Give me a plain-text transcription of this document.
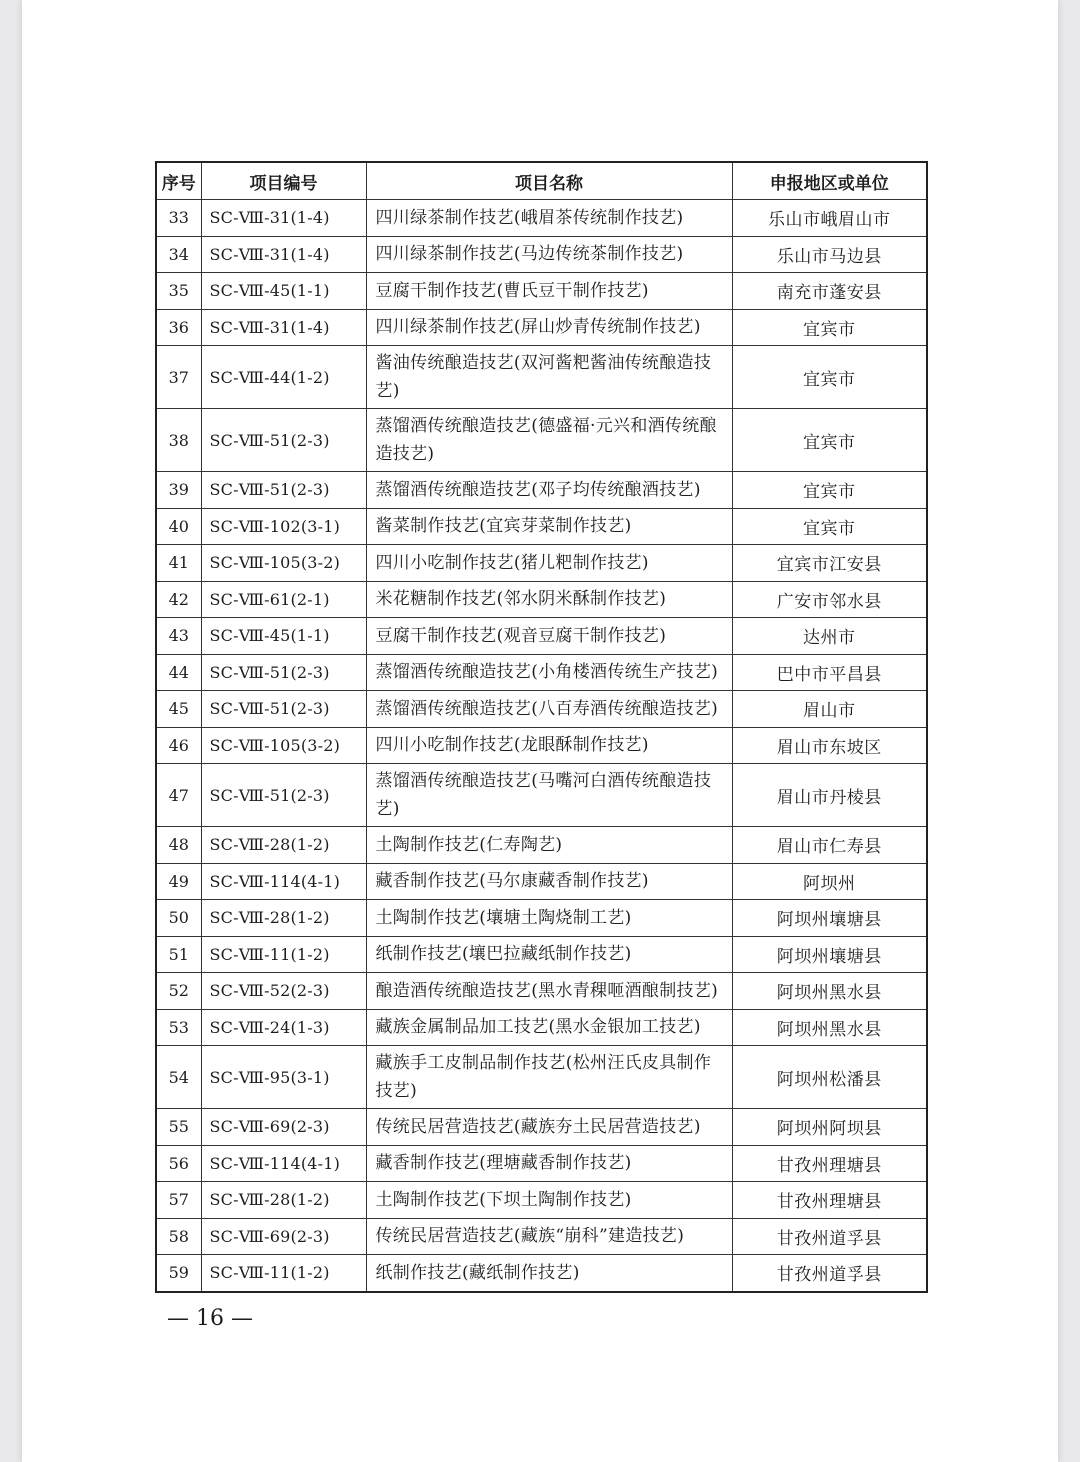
序号	项目编号	项目名称	申报地区或单位
33	SC-Ⅷ-31(1-4)	四川绿茶制作技艺(峨眉茶传统制作技艺)	乐山市峨眉山市
34	SC-Ⅷ-31(1-4)	四川绿茶制作技艺(马边传统茶制作技艺)	乐山市马边县
35	SC-Ⅷ-45(1-1)	豆腐干制作技艺(曹氏豆干制作技艺)	南充市蓬安县
36	SC-Ⅷ-31(1-4)	四川绿茶制作技艺(屏山炒青传统制作技艺)	宜宾市
37	SC-Ⅷ-44(1-2)	酱油传统酿造技艺(双河酱粑酱油传统酿造技艺)	宜宾市
38	SC-Ⅷ-51(2-3)	蒸馏酒传统酿造技艺(德盛福·元兴和酒传统酿造技艺)	宜宾市
39	SC-Ⅷ-51(2-3)	蒸馏酒传统酿造技艺(邓子均传统酿酒技艺)	宜宾市
40	SC-Ⅷ-102(3-1)	酱菜制作技艺(宜宾芽菜制作技艺)	宜宾市
41	SC-Ⅷ-105(3-2)	四川小吃制作技艺(猪儿粑制作技艺)	宜宾市江安县
42	SC-Ⅷ-61(2-1)	米花糖制作技艺(邻水阴米酥制作技艺)	广安市邻水县
43	SC-Ⅷ-45(1-1)	豆腐干制作技艺(观音豆腐干制作技艺)	达州市
44	SC-Ⅷ-51(2-3)	蒸馏酒传统酿造技艺(小角楼酒传统生产技艺)	巴中市平昌县
45	SC-Ⅷ-51(2-3)	蒸馏酒传统酿造技艺(八百寿酒传统酿造技艺)	眉山市
46	SC-Ⅷ-105(3-2)	四川小吃制作技艺(龙眼酥制作技艺)	眉山市东坡区
47	SC-Ⅷ-51(2-3)	蒸馏酒传统酿造技艺(马嘴河白酒传统酿造技艺)	眉山市丹棱县
48	SC-Ⅷ-28(1-2)	土陶制作技艺(仁寿陶艺)	眉山市仁寿县
49	SC-Ⅷ-114(4-1)	藏香制作技艺(马尔康藏香制作技艺)	阿坝州
50	SC-Ⅷ-28(1-2)	土陶制作技艺(壤塘土陶烧制工艺)	阿坝州壤塘县
51	SC-Ⅷ-11(1-2)	纸制作技艺(壤巴拉藏纸制作技艺)	阿坝州壤塘县
52	SC-Ⅷ-52(2-3)	酿造酒传统酿造技艺(黑水青稞咂酒酿制技艺)	阿坝州黑水县
53	SC-Ⅷ-24(1-3)	藏族金属制品加工技艺(黑水金银加工技艺)	阿坝州黑水县
54	SC-Ⅷ-95(3-1)	藏族手工皮制品制作技艺(松州汪氏皮具制作技艺)	阿坝州松潘县
55	SC-Ⅷ-69(2-3)	传统民居营造技艺(藏族夯土民居营造技艺)	阿坝州阿坝县
56	SC-Ⅷ-114(4-1)	藏香制作技艺(理塘藏香制作技艺)	甘孜州理塘县
57	SC-Ⅷ-28(1-2)	土陶制作技艺(下坝土陶制作技艺)	甘孜州理塘县
58	SC-Ⅷ-69(2-3)	传统民居营造技艺(藏族“崩科”建造技艺)	甘孜州道孚县
59	SC-Ⅷ-11(1-2)	纸制作技艺(藏纸制作技艺)	甘孜州道孚县
— 16 —
